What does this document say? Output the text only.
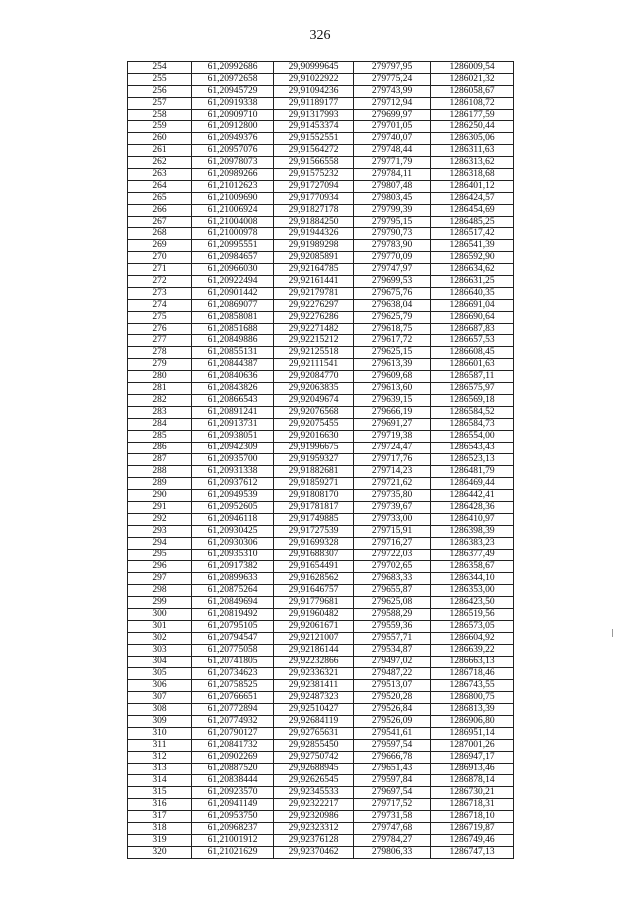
326
254	61,20992686	29,90999645	279797,95	1286009,54
255	61,20972658	29,91022922	279775,24	1286021,32
256	61,20945729	29,91094236	279743,99	1286058,67
257	61,20919338	29,91189177	279712,94	1286108,72
258	61,20909710	29,91317993	279699,97	1286177,59
259	61,20912800	29,91453374	279701,05	1286250,44
260	61,20949376	29,91552551	279740,07	1286305,06
261	61,20957076	29,91564272	279748,44	1286311,63
262	61,20978073	29,91566558	279771,79	1286313,62
263	61,20989266	29,91575232	279784,11	1286318,68
264	61,21012623	29,91727094	279807,48	1286401,12
265	61,21009690	29,91770934	279803,45	1286424,57
266	61,21006924	29,91827178	279799,39	1286454,69
267	61,21004008	29,91884250	279795,15	1286485,25
268	61,21000978	29,91944326	279790,73	1286517,42
269	61,20995551	29,91989298	279783,90	1286541,39
270	61,20984657	29,92085891	279770,09	1286592,90
271	61,20966030	29,92164785	279747,97	1286634,62
272	61,20922494	29,92161441	279699,53	1286631,25
273	61,20901442	29,92179781	279675,76	1286640,35
274	61,20869077	29,92276297	279638,04	1286691,04
275	61,20858081	29,92276286	279625,79	1286690,64
276	61,20851688	29,92271482	279618,75	1286687,83
277	61,20849886	29,92215212	279617,72	1286657,53
278	61,20855131	29,92125518	279625,15	1286608,45
279	61,20844387	29,92111541	279613,39	1286601,63
280	61,20840636	29,92084770	279609,68	1286587,11
281	61,20843826	29,92063835	279613,60	1286575,97
282	61,20866543	29,92049674	279639,15	1286569,18
283	61,20891241	29,92076568	279666,19	1286584,52
284	61,20913731	29,92075455	279691,27	1286584,73
285	61,20938051	29,92016630	279719,38	1286554,00
286	61,20942309	29,91996675	279724,47	1286543,43
287	61,20935700	29,91959327	279717,76	1286523,13
288	61,20931338	29,91882681	279714,23	1286481,79
289	61,20937612	29,91859271	279721,62	1286469,44
290	61,20949539	29,91808170	279735,80	1286442,41
291	61,20952605	29,91781817	279739,67	1286428,36
292	61,20946118	29,91749885	279733,00	1286410,97
293	61,20930425	29,91727539	279715,91	1286398,39
294	61,20930306	29,91699328	279716,27	1286383,23
295	61,20935310	29,91688307	279722,03	1286377,49
296	61,20917382	29,91654491	279702,65	1286358,67
297	61,20899633	29,91628562	279683,33	1286344,10
298	61,20875264	29,91646757	279655,87	1286353,00
299	61,20849694	29,91779681	279625,08	1286423,50
300	61,20819492	29,91960482	279588,29	1286519,56
301	61,20795105	29,92061671	279559,36	1286573,05
302	61,20794547	29,92121007	279557,71	1286604,92
303	61,20775058	29,92186144	279534,87	1286639,22
304	61,20741805	29,92232866	279497,02	1286663,13
305	61,20734623	29,92336321	279487,22	1286718,46
306	61,20758525	29,92381411	279513,07	1286743,55
307	61,20766651	29,92487323	279520,28	1286800,75
308	61,20772894	29,92510427	279526,84	1286813,39
309	61,20774932	29,92684119	279526,09	1286906,80
310	61,20790127	29,92765631	279541,61	1286951,14
311	61,20841732	29,92855450	279597,54	1287001,26
312	61,20902269	29,92750742	279666,78	1286947,17
313	61,20887520	29,92688945	279651,43	1286913,46
314	61,20838444	29,92626545	279597,84	1286878,14
315	61,20923570	29,92345533	279697,54	1286730,21
316	61,20941149	29,92322217	279717,52	1286718,31
317	61,20953750	29,92320986	279731,58	1286718,10
318	61,20968237	29,92323312	279747,68	1286719,87
319	61,21001912	29,92376128	279784,27	1286749,46
320	61,21021629	29,92370462	279806,33	1286747,13
